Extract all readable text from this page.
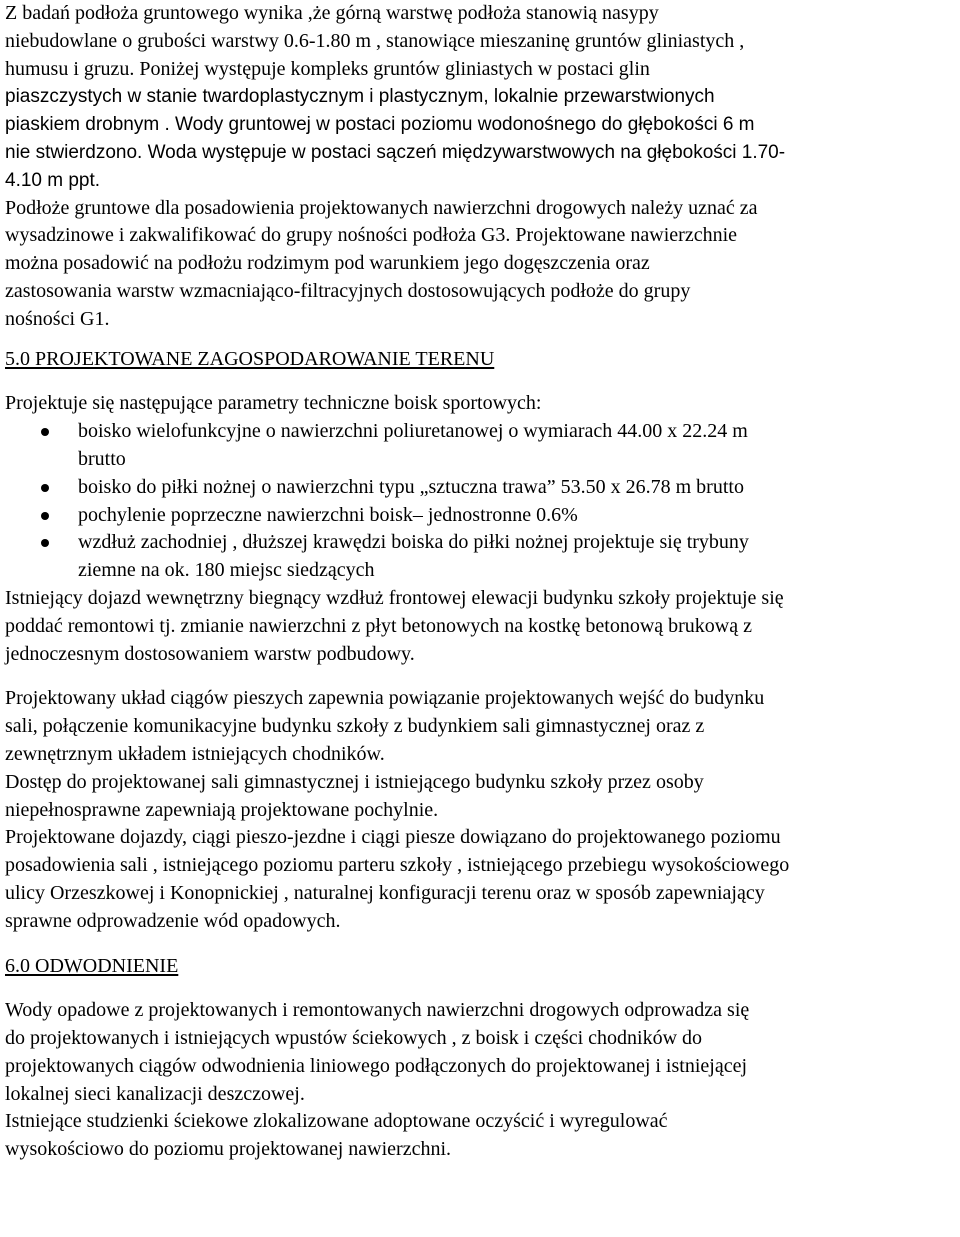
Z badań podłoża gruntowego wynika ,że górną warstwę podłoża stanowią nasypy
niebudowlane o grubości warstwy 0.6-1.80 m , stanowiące mieszaninę gruntów gliniastych ,
humusu i gruzu. Poniżej występuje kompleks gruntów gliniastych w postaci glin
piaszczystych w stanie twardoplastycznym i plastycznym, lokalnie przewarstwionych
piaskiem drobnym . Wody gruntowej w postaci poziomu wodonośnego do głębokości 6 m
nie stwierdzono. Woda występuje w postaci sączeń międzywarstwowych na głębokości 1.70-
4.10 m ppt.
Podłoże gruntowe dla posadowienia projektowanych nawierzchni drogowych należy uznać za
wysadzinowe i zakwalifikować do grupy nośności podłoża G3. Projektowane nawierzchnie
można posadowić na podłożu rodzimym pod warunkiem jego dogęszczenia oraz
zastosowania warstw wzmacniająco-filtracyjnych dostosowujących podłoże do grupy
nośności G1.
5.0 PROJEKTOWANE ZAGOSPODAROWANIE TERENU
Projektuje się następujące parametry techniczne boisk sportowych:
boisko wielofunkcyjne o nawierzchni poliuretanowej o wymiarach 44.00 x 22.24 m
brutto
boisko do piłki nożnej o nawierzchni typu „sztuczna trawa” 53.50 x 26.78 m brutto
pochylenie poprzeczne nawierzchni boisk– jednostronne 0.6%
wzdłuż zachodniej , dłuższej krawędzi boiska do piłki nożnej projektuje się trybuny
ziemne na ok. 180 miejsc siedzących
Istniejący dojazd wewnętrzny biegnący wzdłuż frontowej elewacji budynku szkoły projektuje się
poddać remontowi tj. zmianie nawierzchni z płyt betonowych na kostkę betonową brukową z
jednoczesnym dostosowaniem warstw podbudowy.
Projektowany układ ciągów pieszych zapewnia powiązanie projektowanych wejść do budynku
sali, połączenie komunikacyjne budynku szkoły z budynkiem sali gimnastycznej oraz z
zewnętrznym układem istniejących chodników.
Dostęp do projektowanej sali gimnastycznej i istniejącego budynku szkoły przez osoby
niepełnosprawne zapewniają projektowane pochylnie.
Projektowane dojazdy, ciągi pieszo-jezdne i ciągi piesze dowiązano do projektowanego poziomu
posadowienia sali , istniejącego poziomu parteru szkoły , istniejącego przebiegu wysokościowego
ulicy Orzeszkowej i Konopnickiej , naturalnej konfiguracji terenu oraz w sposób zapewniający
sprawne odprowadzenie wód opadowych.
6.0 ODWODNIENIE
Wody opadowe z projektowanych i remontowanych nawierzchni drogowych odprowadza się
do projektowanych i istniejących wpustów ściekowych , z boisk i części chodników do
projektowanych ciągów odwodnienia liniowego podłączonych do projektowanej i istniejącej
lokalnej sieci kanalizacji deszczowej.
Istniejące studzienki ściekowe zlokalizowane adoptowane oczyścić i wyregulować
wysokościowo do poziomu projektowanej nawierzchni.
